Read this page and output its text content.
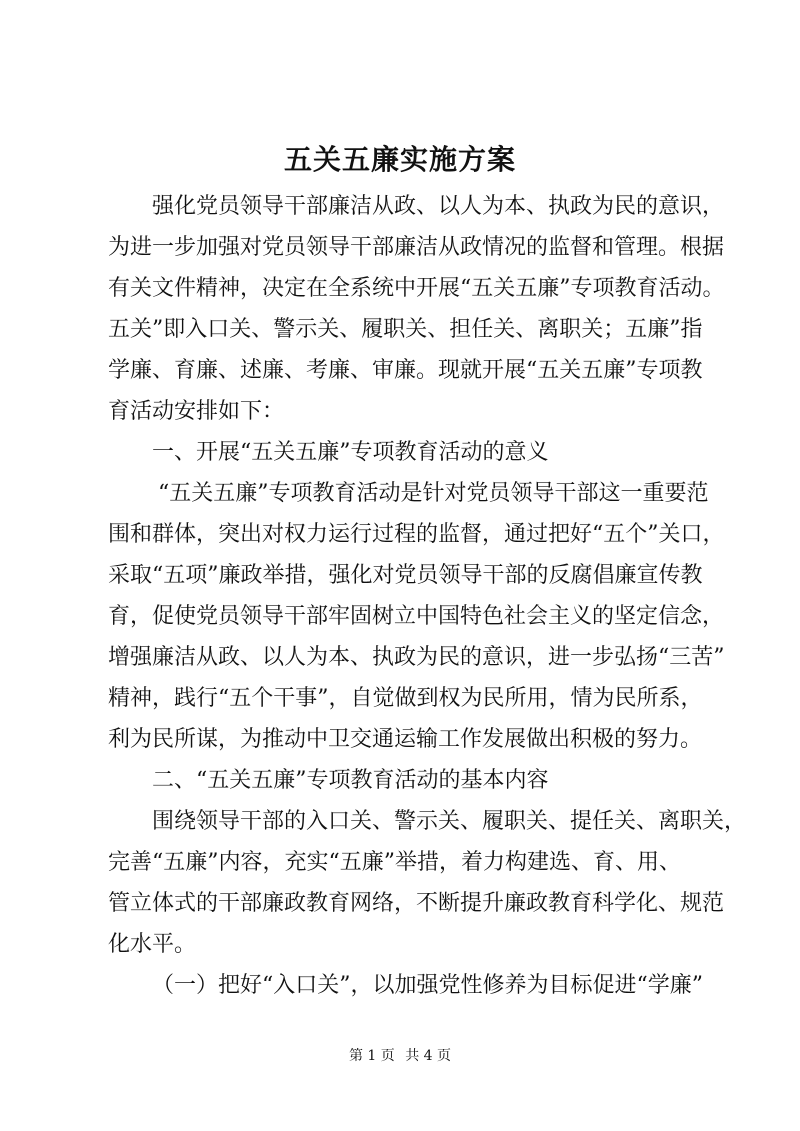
五关五廉实施方案
强化党员领导干部廉洁从政、以人为本、执政为民的意识，
为进一步加强对党员领导干部廉洁从政情况的监督和管理。根据
有关文件精神，决定在全系统中开展“五关五廉”专项教育活动。
五关”即入口关、警示关、履职关、担任关、离职关；五廉”指
学廉、育廉、述廉、考廉、审廉。现就开展“五关五廉”专项教
育活动安排如下：
一、开展“五关五廉”专项教育活动的意义
“五关五廉”专项教育活动是针对党员领导干部这一重要范
围和群体，突出对权力运行过程的监督，通过把好“五个”关口，
采取“五项”廉政举措，强化对党员领导干部的反腐倡廉宣传教
育，促使党员领导干部牢固树立中国特色社会主义的坚定信念，
增强廉洁从政、以人为本、执政为民的意识，进一步弘扬“三苦”
精神，践行“五个干事”，自觉做到权为民所用，情为民所系，
利为民所谋，为推动中卫交通运输工作发展做出积极的努力。
二、“五关五廉”专项教育活动的基本内容
围绕领导干部的入口关、警示关、履职关、提任关、离职关，
完善“五廉”内容，充实“五廉”举措，着力构建选、育、用、
管立体式的干部廉政教育网络，不断提升廉政教育科学化、规范
化水平。
（一）把好“入口关”，以加强党性修养为目标促进“学廉”
第 1 页 共 4 页
